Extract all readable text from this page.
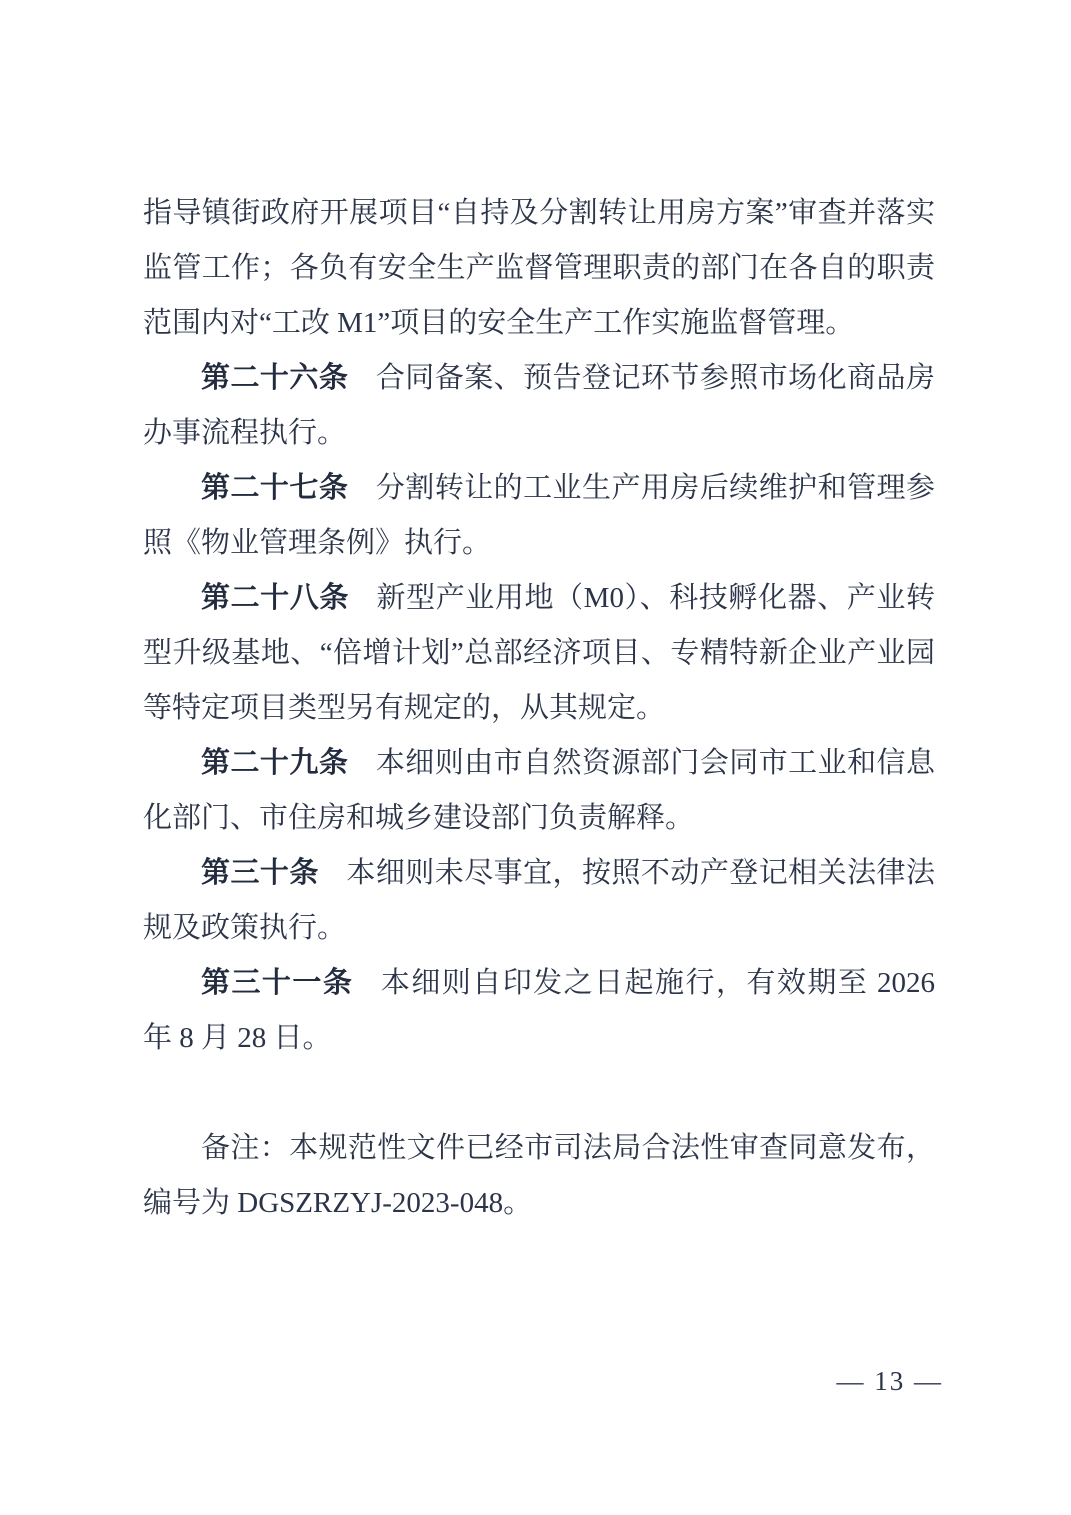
指导镇街政府开展项目“自持及分割转让用房方案”审查并落实监管工作；各负有安全生产监督管理职责的部门在各自的职责范围内对“工改 M1”项目的安全生产工作实施监督管理。

第二十六条 合同备案、预告登记环节参照市场化商品房办事流程执行。

第二十七条 分割转让的工业生产用房后续维护和管理参照《物业管理条例》执行。

第二十八条 新型产业用地（M0）、科技孵化器、产业转型升级基地、“倍增计划”总部经济项目、专精特新企业产业园等特定项目类型另有规定的，从其规定。

第二十九条 本细则由市自然资源部门会同市工业和信息化部门、市住房和城乡建设部门负责解释。

第三十条 本细则未尽事宜，按照不动产登记相关法律法规及政策执行。

第三十一条 本细则自印发之日起施行，有效期至 2026 年 8 月 28 日。

备注：本规范性文件已经市司法局合法性审查同意发布，编号为 DGSZRZYJ-2023-048。

— 13 —
